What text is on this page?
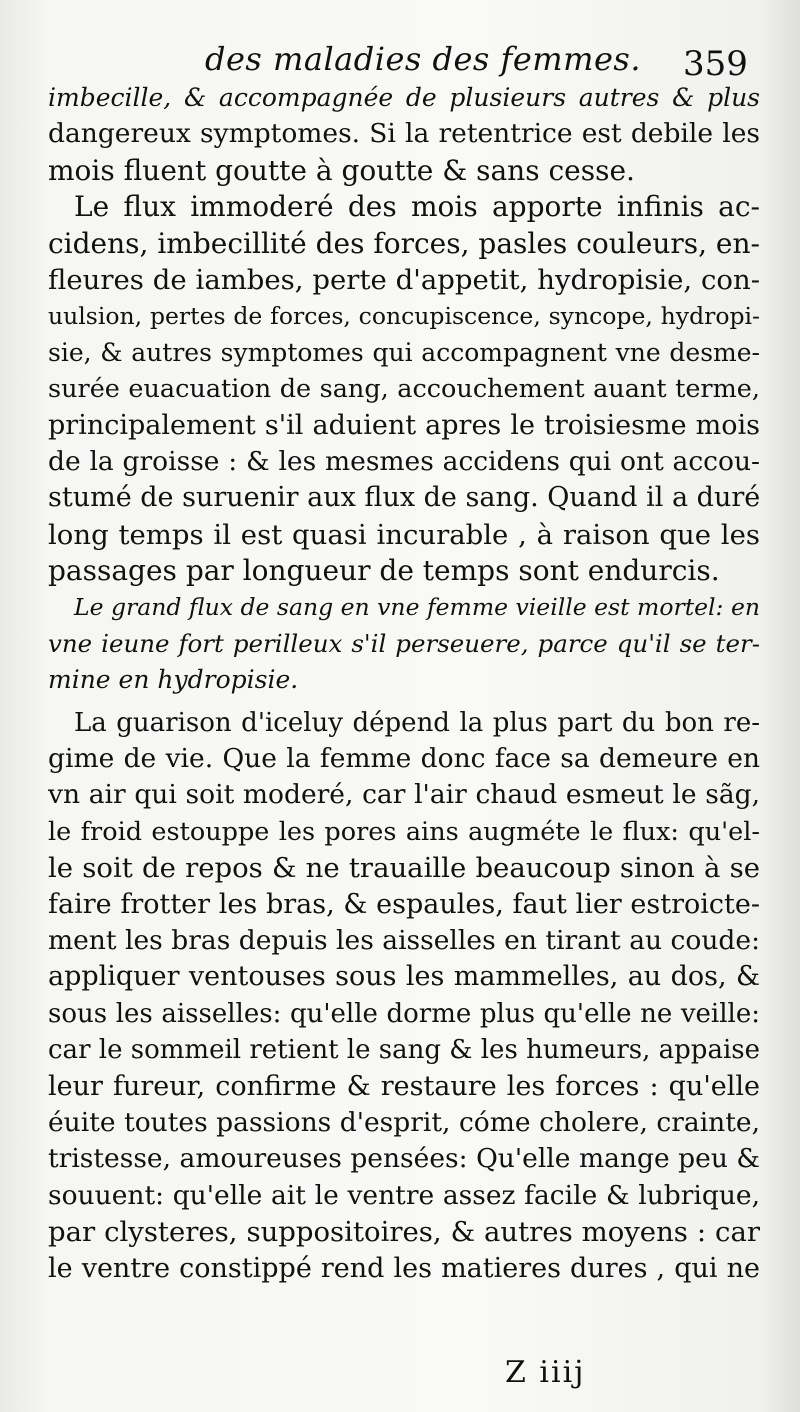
des maladies des femmes. 359
imbecille, & accompagnée de plusieurs autres & plus
dangereux symptomes. Si la retentrice est debile les
mois fluent goutte à goutte & sans cesse.
Le flux immoderé des mois apporte infinis ac-
cidens, imbecillité des forces, pasles couleurs, en-
fleures de iambes, perte d'appetit, hydropisie, con-
uulsion, pertes de forces, concupiscence, syncope, hydropi-
sie, & autres symptomes qui accompagnent vne desme-
surée euacuation de sang, accouchement auant terme,
principalement s'il aduient apres le troisiesme mois
de la groisse : & les mesmes accidens qui ont accou-
stumé de suruenir aux flux de sang. Quand il a duré
long temps il est quasi incurable , à raison que les
passages par longueur de temps sont endurcis.
Le grand flux de sang en vne femme vieille est mortel: en
vne ieune fort perilleux s'il perseuere, parce qu'il se ter-
mine en hydropisie.
La guarison d'iceluy dépend la plus part du bon re-
gime de vie. Que la femme donc face sa demeure en
vn air qui soit moderé, car l'air chaud esmeut le sãg,
le froid estouppe les pores ains augméte le flux: qu'el-
le soit de repos & ne trauaille beaucoup sinon à se
faire frotter les bras, & espaules, faut lier estroicte-
ment les bras depuis les aisselles en tirant au coude:
appliquer ventouses sous les mammelles, au dos, &
sous les aisselles: qu'elle dorme plus qu'elle ne veille:
car le sommeil retient le sang & les humeurs, appaise
leur fureur, confirme & restaure les forces : qu'elle
éuite toutes passions d'esprit, cóme cholere, crainte,
tristesse, amoureuses pensées: Qu'elle mange peu &
souuent: qu'elle ait le ventre assez facile & lubrique,
par clysteres, suppositoires, & autres moyens : car
le ventre constippé rend les matieres dures , qui ne
Z iiij
